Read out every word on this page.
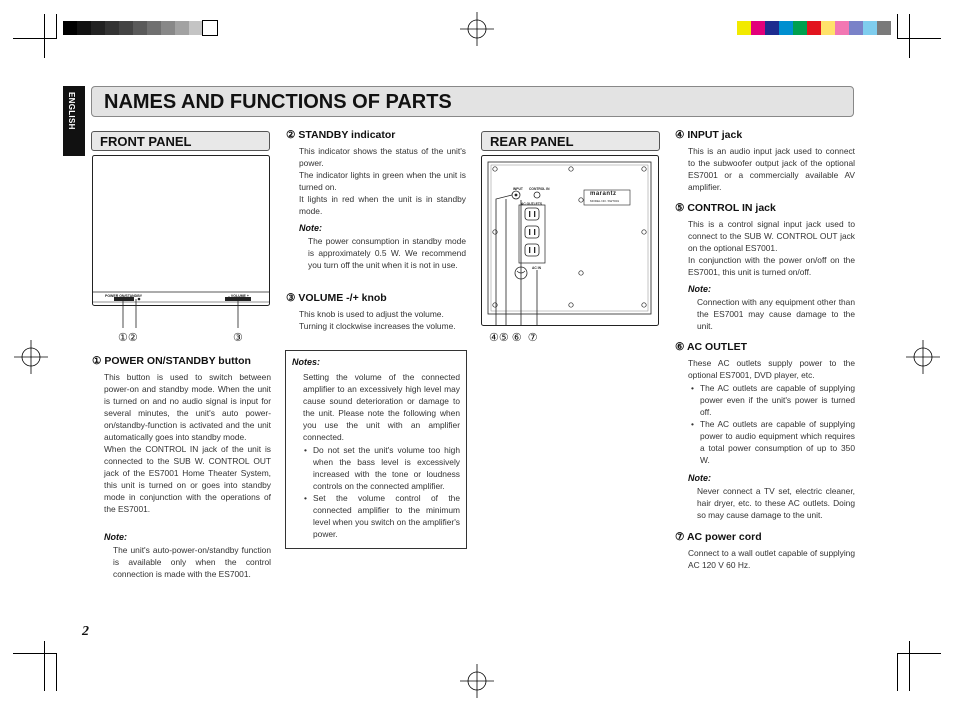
ENGLISH NAMES AND FUNCTIONS OF PARTS
FRONT PANEL
POWER ON/STANDBY	– VOLUME +
①②	③
① POWER ON/STANDBY button
This button is used to switch between power-on and standby mode. When the unit is turned on and no audio signal is input for several minutes, the unit's auto power-on/standby-function is activated and the unit automatically goes into standby mode.
When the CONTROL IN jack of the unit is connected to the SUB W. CONTROL OUT jack of the ES7001 Home Theater System, this unit is turned on or goes into standby mode in conjunction with the operations of the ES7001.
Note:
The unit's auto-power-on/standby function is available only when the control connection is made with the ES7001.
② STANDBY indicator
This indicator shows the status of the unit's power.
The indicator lights in green when the unit is turned on.
It lights in red when the unit is in standby mode.
Note:
The power consumption in standby mode is approximately 0.5 W. We recommend you turn off the unit when it is not in use.
③ VOLUME -/+ knob
This knob is used to adjust the volume.
Turning it clockwise increases the volume.
Notes:
Setting the volume of the connected amplifier to an excessively high level may cause sound deterioration or damage to the unit. Please note the following when you use the unit with an amplifier connected.
• Do not set the unit's volume too high when the bass level is excessively increased with the tone or loudness controls on the connected amplifier.
• Set the volume control of the connected amplifier to the minimum level when you switch on the amplifier's power.
REAR PANEL
INPUT CONTROL IN
AC OUTLETS
AC IN
marantz
MODEL NO. SW7001
④⑤ ⑥  ⑦
④ INPUT jack
This is an audio input jack used to connect to the subwoofer output jack of the optional ES7001 or a commercially available AV amplifier.
⑤ CONTROL IN jack
This is a control signal input jack used to connect to the SUB W. CONTROL OUT jack on the optional ES7001.
In conjunction with the power on/off on the ES7001, this unit is turned on/off.
Note:
Connection with any equipment other than the ES7001 may cause damage to the unit.
⑥ AC OUTLET
These AC outlets supply power to the optional ES7001, DVD player, etc.
• The AC outlets are capable of supplying power even if the unit's power is turned off.
• The AC outlets are capable of supplying power to audio equipment which requires a total power consumption of up to 350 W.
Note:
Never connect a TV set, electric cleaner, hair dryer, etc. to these AC outlets. Doing so may cause damage to the unit.
⑦ AC power cord
Connect to a wall outlet capable of supplying AC 120 V 60 Hz.
2
